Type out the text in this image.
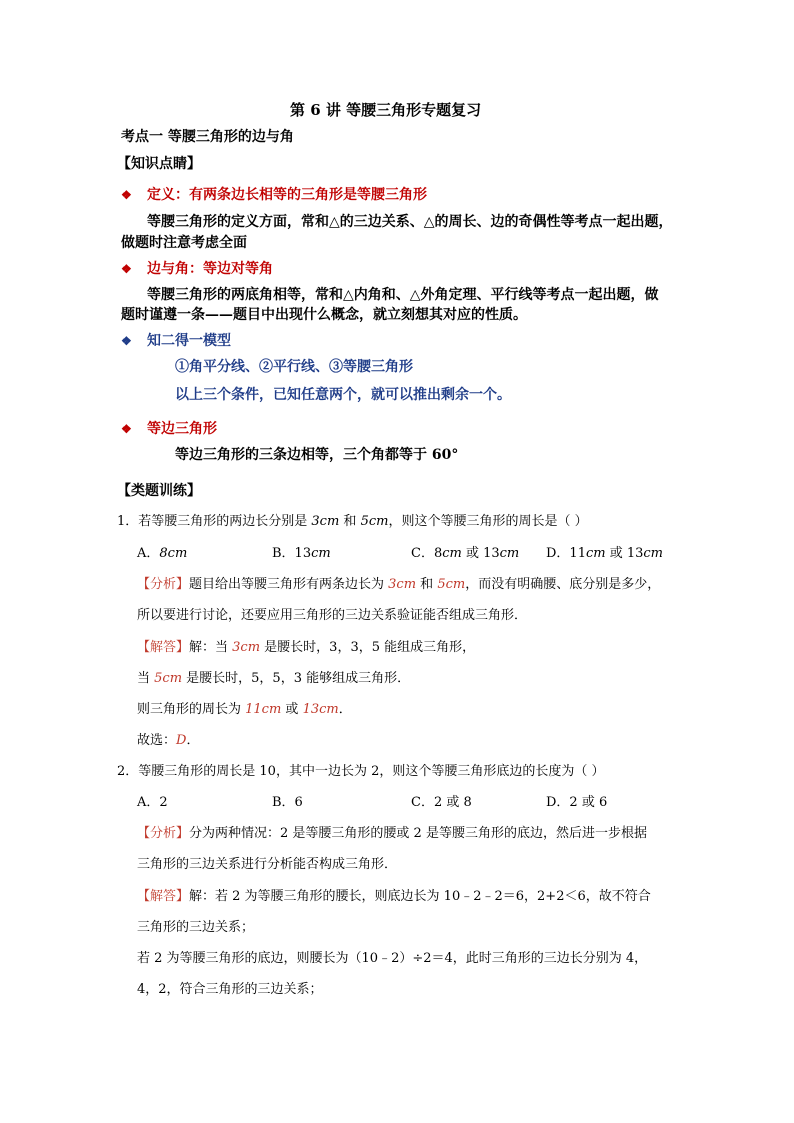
第 6 讲 等腰三角形专题复习
考点一 等腰三角形的边与角
【知识点睛】
❖ 定义：有两条边长相等的三角形是等腰三角形
等腰三角形的定义方面，常和△的三边关系、△的周长、边的奇偶性等考点一起出题，
做题时注意考虑全面
❖ 边与角：等边对等角
等腰三角形的两底角相等，常和△内角和、△外角定理、平行线等考点一起出题，做
题时谨遵一条——题目中出现什么概念，就立刻想其对应的性质。
❖ 知二得一模型
①角平分线、②平行线、③等腰三角形
以上三个条件，已知任意两个，就可以推出剩余一个。
❖ 等边三角形
等边三角形的三条边相等，三个角都等于 60°
【类题训练】
1．若等腰三角形的两边长分别是 3cm 和 5cm，则这个等腰三角形的周长是（ ）
A．8cm	B．13cm	C．8cm 或 13cm D．11cm 或 13cm
【分析】题目给出等腰三角形有两条边长为 3cm 和 5cm，而没有明确腰、底分别是多少，
所以要进行讨论，还要应用三角形的三边关系验证能否组成三角形．
【解答】解：当 3cm 是腰长时，3，3，5 能组成三角形，
当 5cm 是腰长时，5，5，3 能够组成三角形．
则三角形的周长为 11cm 或 13cm．
故选：D．
2．等腰三角形的周长是 10，其中一边长为 2，则这个等腰三角形底边的长度为（ ）
A．2	B．6	C．2 或 8	D．2 或 6
【分析】分为两种情况：2 是等腰三角形的腰或 2 是等腰三角形的底边，然后进一步根据
三角形的三边关系进行分析能否构成三角形．
【解答】解：若 2 为等腰三角形的腰长，则底边长为 10﹣2﹣2＝6，2+2＜6，故不符合
三角形的三边关系；
若 2 为等腰三角形的底边，则腰长为（10﹣2）÷2＝4，此时三角形的三边长分别为 4，
4，2，符合三角形的三边关系；
